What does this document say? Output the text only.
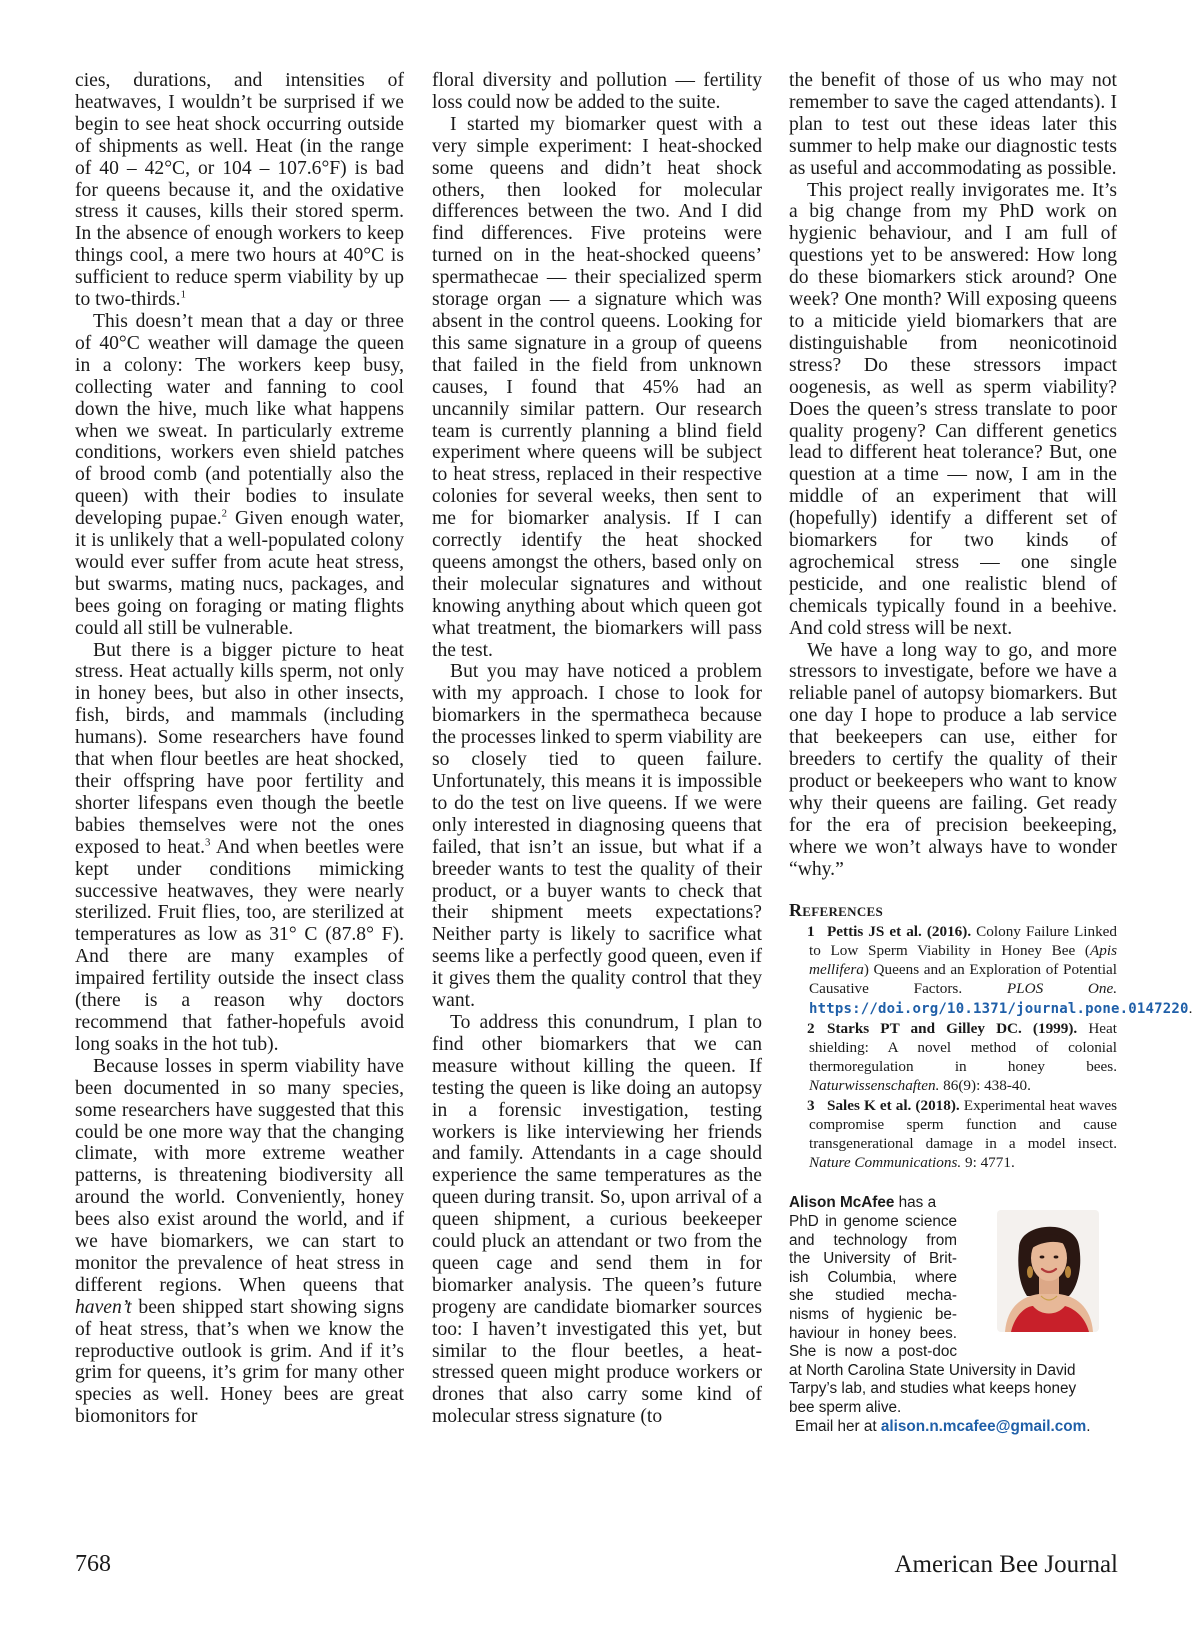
cies, durations, and intensities of heatwaves, I wouldn’t be surprised if we begin to see heat shock occurring outside of shipments as well. Heat (in the range of 40 – 42°C, or 104 – 107.6°F) is bad for queens because it, and the oxidative stress it causes, kills their stored sperm. In the absence of enough workers to keep things cool, a mere two hours at 40°C is sufficient to reduce sperm viability by up to two-thirds.$^1$

This doesn’t mean that a day or three of 40°C weather will damage the queen in a colony: The workers keep busy, collecting water and fanning to cool down the hive, much like what happens when we sweat. In particularly extreme conditions, workers even shield patches of brood comb (and potentially also the queen) with their bodies to insulate developing pupae.$^2$ Given enough water, it is unlikely that a well-populated colony would ever suffer from acute heat stress, but swarms, mating nucs, packages, and bees going on foraging or mating flights could all still be vulnerable.

But there is a bigger picture to heat stress. Heat actually kills sperm, not only in honey bees, but also in other insects, fish, birds, and mammals (including humans). Some researchers have found that when flour beetles are heat shocked, their offspring have poor fertility and shorter lifespans even though the beetle babies themselves were not the ones exposed to heat.$^3$ And when beetles were kept under conditions mimicking successive heatwaves, they were nearly sterilized. Fruit flies, too, are sterilized at temperatures as low as 31° C (87.8° F). And there are many examples of impaired fertility outside the insect class (there is a reason why doctors recommend that father-hopefuls avoid long soaks in the hot tub).

Because losses in sperm viability have been documented in so many species, some researchers have suggested that this could be one more way that the changing climate, with more extreme weather patterns, is threatening biodiversity all around the world. Conveniently, honey bees also exist around the world, and if we have biomarkers, we can start to monitor the prevalence of heat stress in different regions. When queens that haven’t been shipped start showing signs of heat stress, that’s when we know the reproductive outlook is grim. And if it’s grim for queens, it’s grim for many other species as well. Honey bees are great biomonitors for

floral diversity and pollution — fertility loss could now be added to the suite.

I started my biomarker quest with a very simple experiment: I heat-shocked some queens and didn’t heat shock others, then looked for molecular differences between the two. And I did find differences. Five proteins were turned on in the heat-shocked queens’ spermathecae — their specialized sperm storage organ — a signature which was absent in the control queens. Looking for this same signature in a group of queens that failed in the field from unknown causes, I found that 45% had an uncannily similar pattern. Our research team is currently planning a blind field experiment where queens will be subject to heat stress, replaced in their respective colonies for several weeks, then sent to me for biomarker analysis. If I can correctly identify the heat shocked queens amongst the others, based only on their molecular signatures and without knowing anything about which queen got what treatment, the biomarkers will pass the test.

But you may have noticed a problem with my approach. I chose to look for biomarkers in the spermatheca because the processes linked to sperm viability are so closely tied to queen failure. Unfortunately, this means it is impossible to do the test on live queens. If we were only interested in diagnosing queens that failed, that isn’t an issue, but what if a breeder wants to test the quality of their product, or a buyer wants to check that their shipment meets expectations? Neither party is likely to sacrifice what seems like a perfectly good queen, even if it gives them the quality control that they want.

To address this conundrum, I plan to find other biomarkers that we can measure without killing the queen. If testing the queen is like doing an autopsy in a forensic investigation, testing workers is like interviewing her friends and family. Attendants in a cage should experience the same temperatures as the queen during transit. So, upon arrival of a queen shipment, a curious beekeeper could pluck an attendant or two from the queen cage and send them in for biomarker analysis. The queen’s future progeny are candidate biomarker sources too: I haven’t investigated this yet, but similar to the flour beetles, a heat-stressed queen might produce workers or drones that also carry some kind of molecular stress signature (to

the benefit of those of us who may not remember to save the caged attendants). I plan to test out these ideas later this summer to help make our diagnostic tests as useful and accommodating as possible.

This project really invigorates me. It’s a big change from my PhD work on hygienic behaviour, and I am full of questions yet to be answered: How long do these biomarkers stick around? One week? One month? Will exposing queens to a miticide yield biomarkers that are distinguishable from neonicotinoid stress? Do these stressors impact oogenesis, as well as sperm viability? Does the queen’s stress translate to poor quality progeny? Can different genetics lead to different heat tolerance? But, one question at a time — now, I am in the middle of an experiment that will (hopefully) identify a different set of biomarkers for two kinds of agrochemical stress — one single pesticide, and one realistic blend of chemicals typically found in a beehive. And cold stress will be next.

We have a long way to go, and more stressors to investigate, before we have a reliable panel of autopsy biomarkers. But one day I hope to produce a lab service that beekeepers can use, either for breeders to certify the quality of their product or beekeepers who want to know why their queens are failing. Get ready for the era of precision beekeeping, where we won’t always have to wonder “why.”

References

1 Pettis JS et al. (2016). Colony Failure Linked to Low Sperm Viability in Honey Bee (Apis mellifera) Queens and an Exploration of Potential Causative Factors. PLOS One. https://doi.org/10.1371/journal.pone.0147220.

2 Starks PT and Gilley DC. (1999). Heat shielding: A novel method of colonial thermoregulation in honey bees. Naturwissenschaften. 86(9): 438-40.

3 Sales K et al. (2018). Experimental heat waves compromise sperm function and cause transgenerational damage in a model insect. Nature Communications. 9: 4771.

Alison McAfee has a
PhD in genome science
and technology from
the University of Brit-
ish Columbia, where
she studied mecha-
nisms of hygienic be-
haviour in honey bees.
She is now a post-doc
at North Carolina State University in David
Tarpy’s lab, and studies what keeps honey
bee sperm alive.
Email her at alison.n.mcafee@gmail.com.
768	American Bee Journal
